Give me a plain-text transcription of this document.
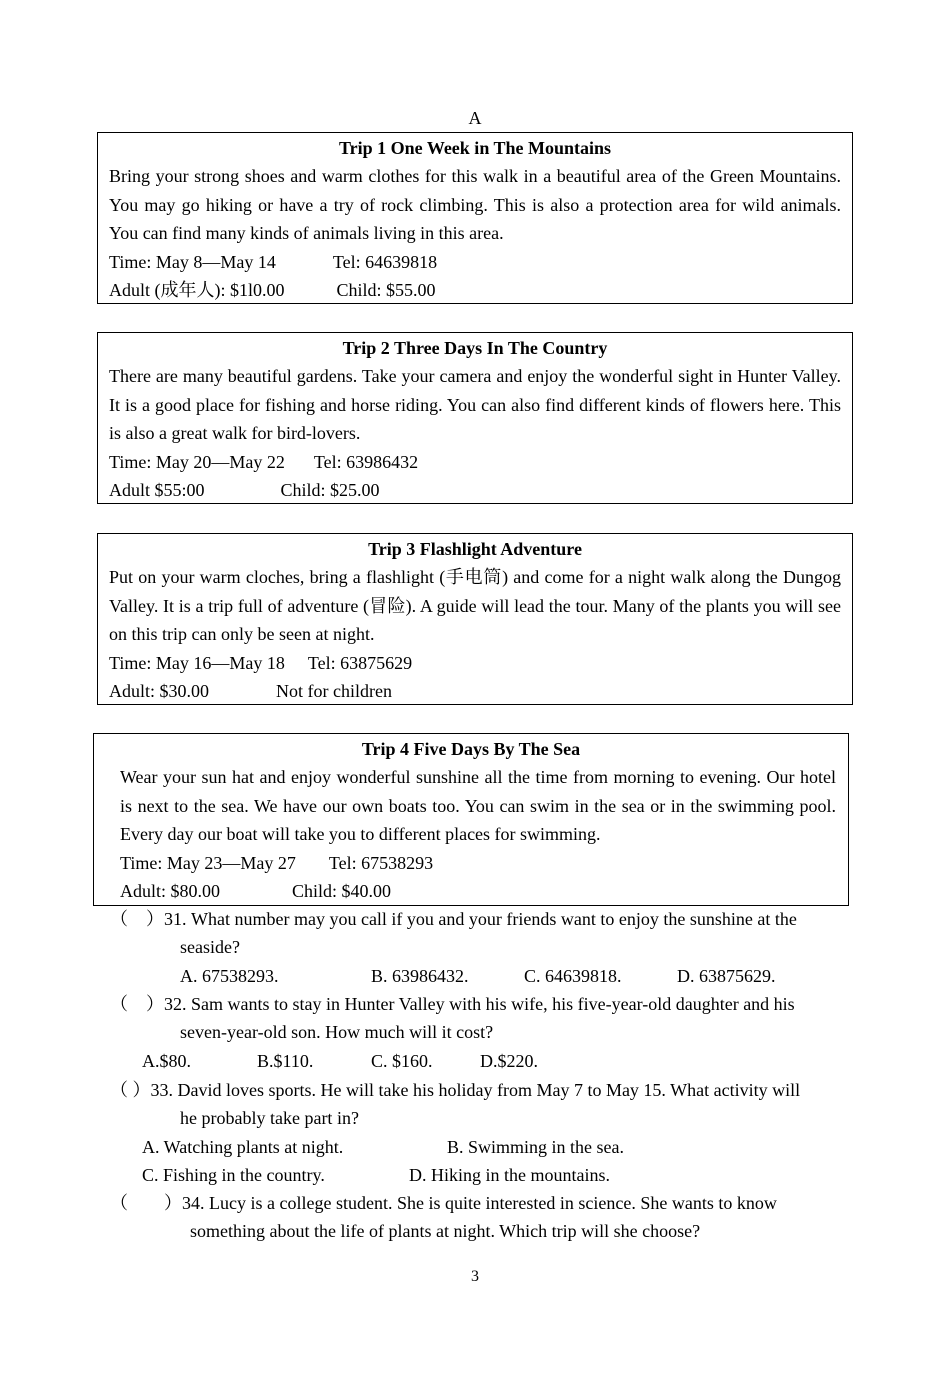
A
Trip 1 One Week in The Mountains
Bring your strong shoes and warm clothes for this walk in a beautiful area of the Green Mountains. You may go hiking or have a try of rock climbing. This is also a protection area for wild animals. You can find many kinds of animals living in this area.
Time: May 8—May 14	Tel: 64639818
Adult (成年人): $1l0.00	Child: $55.00
Trip 2 Three Days In The Country
There are many beautiful gardens. Take your camera and enjoy the wonderful sight in Hunter Valley. It is a good place for fishing and horse riding. You can also find different kinds of flowers here. This is also a great walk for bird-lovers.
Time: May 20—May 22 Tel: 63986432
Adult $55:00	Child: $25.00
Trip 3 Flashlight Adventure
Put on your warm cloches, bring a flashlight (手电筒) and come for a night walk along the Dungog Valley. It is a trip full of adventure (冒险). A guide will lead the tour. Many of the plants you will see on this trip can only be seen at night.
Time: May 16—May 18 Tel: 63875629
Adult: $30.00	Not for children
Trip 4 Five Days By The Sea
Wear your sun hat and enjoy wonderful sunshine all the time from morning to evening. Our hotel is next to the sea. We have our own boats too. You can swim in the sea or in the swimming pool. Every day our boat will take you to different places for swimming.
Time: May 23—May 27 Tel: 67538293
Adult: $80.00	Child: $40.00
（　）31. What number may you call if you and your friends want to enjoy the sunshine at the
seaside?
A. 67538293.	B. 63986432.	C. 64639818.	D. 63875629.
（　）32. Sam wants to stay in Hunter Valley with his wife, his five-year-old daughter and his
seven-year-old son. How much will it cost?
A.$80.	B.$110.	C. $160.	D.$220.
（ ）33. David loves sports. He will take his holiday from May 7 to May 15. What activity will
he probably take part in?
A. Watching plants at night.	B. Swimming in the sea.
C. Fishing in the country.	D. Hiking in the mountains.
（　　）34. Lucy is a college student. She is quite interested in science. She wants to know
something about the life of plants at night. Which trip will she choose?
3
